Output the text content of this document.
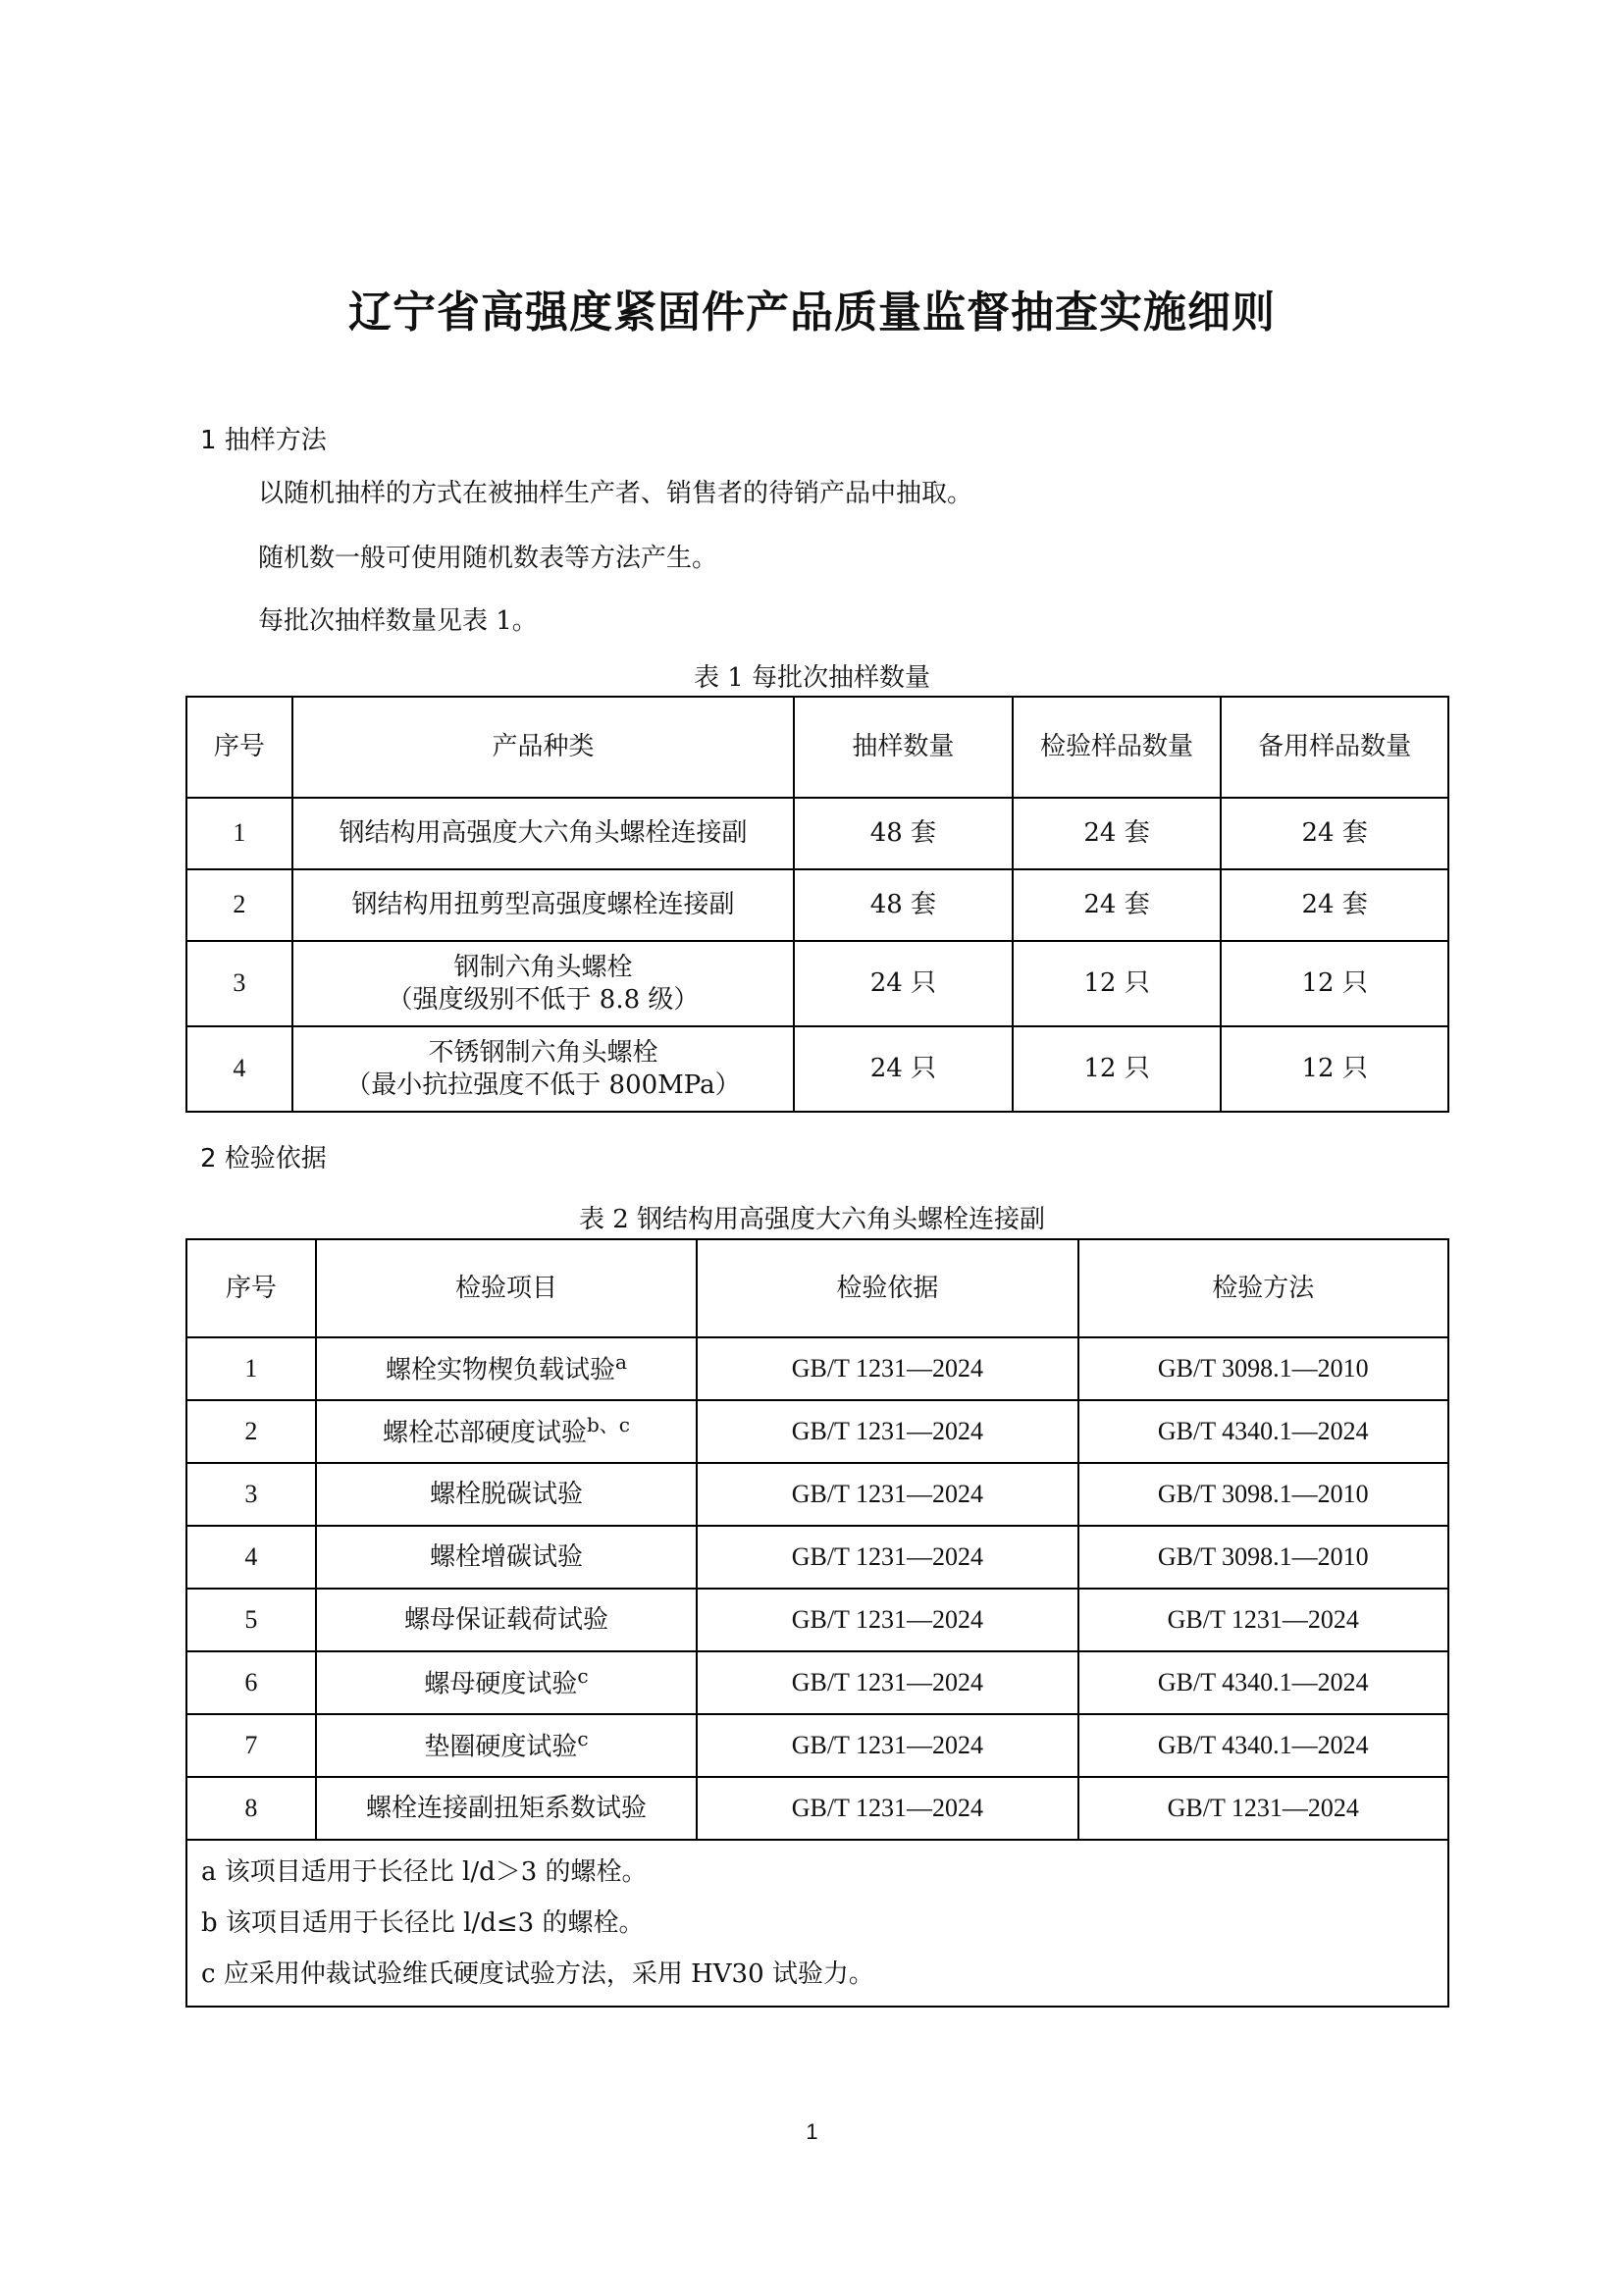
辽宁省高强度紧固件产品质量监督抽查实施细则
1 抽样方法
以随机抽样的方式在被抽样生产者、销售者的待销产品中抽取。
随机数一般可使用随机数表等方法产生。
每批次抽样数量见表 1。
表 1 每批次抽样数量
序号	产品种类	抽样数量	检验样品数量	备用样品数量
1	钢结构用高强度大六角头螺栓连接副	48 套	24 套	24 套
2	钢结构用扭剪型高强度螺栓连接副	48 套	24 套	24 套
3	钢制六角头螺栓
（强度级别不低于 8.8 级）	24 只	12 只	12 只
4	不锈钢制六角头螺栓
（最小抗拉强度不低于 800MPa）	24 只	12 只	12 只
2 检验依据
表 2 钢结构用高强度大六角头螺栓连接副
序号	检验项目	检验依据	检验方法
1	螺栓实物楔负载试验$^a$	GB/T 1231—2024	GB/T 3098.1—2010
2	螺栓芯部硬度试验$^{b、c}$	GB/T 1231—2024	GB/T 4340.1—2024
3	螺栓脱碳试验	GB/T 1231—2024	GB/T 3098.1—2010
4	螺栓增碳试验	GB/T 1231—2024	GB/T 3098.1—2010
5	螺母保证载荷试验	GB/T 1231—2024	GB/T 1231—2024
6	螺母硬度试验$^c$	GB/T 1231—2024	GB/T 4340.1—2024
7	垫圈硬度试验$^c$	GB/T 1231—2024	GB/T 4340.1—2024
8	螺栓连接副扭矩系数试验	GB/T 1231—2024	GB/T 1231—2024

a 该项目适用于长径比 l/d＞3 的螺栓。
b 该项目适用于长径比 l/d≤3 的螺栓。
c 应采用仲裁试验维氏硬度试验方法，采用 HV30 试验力。			
1
